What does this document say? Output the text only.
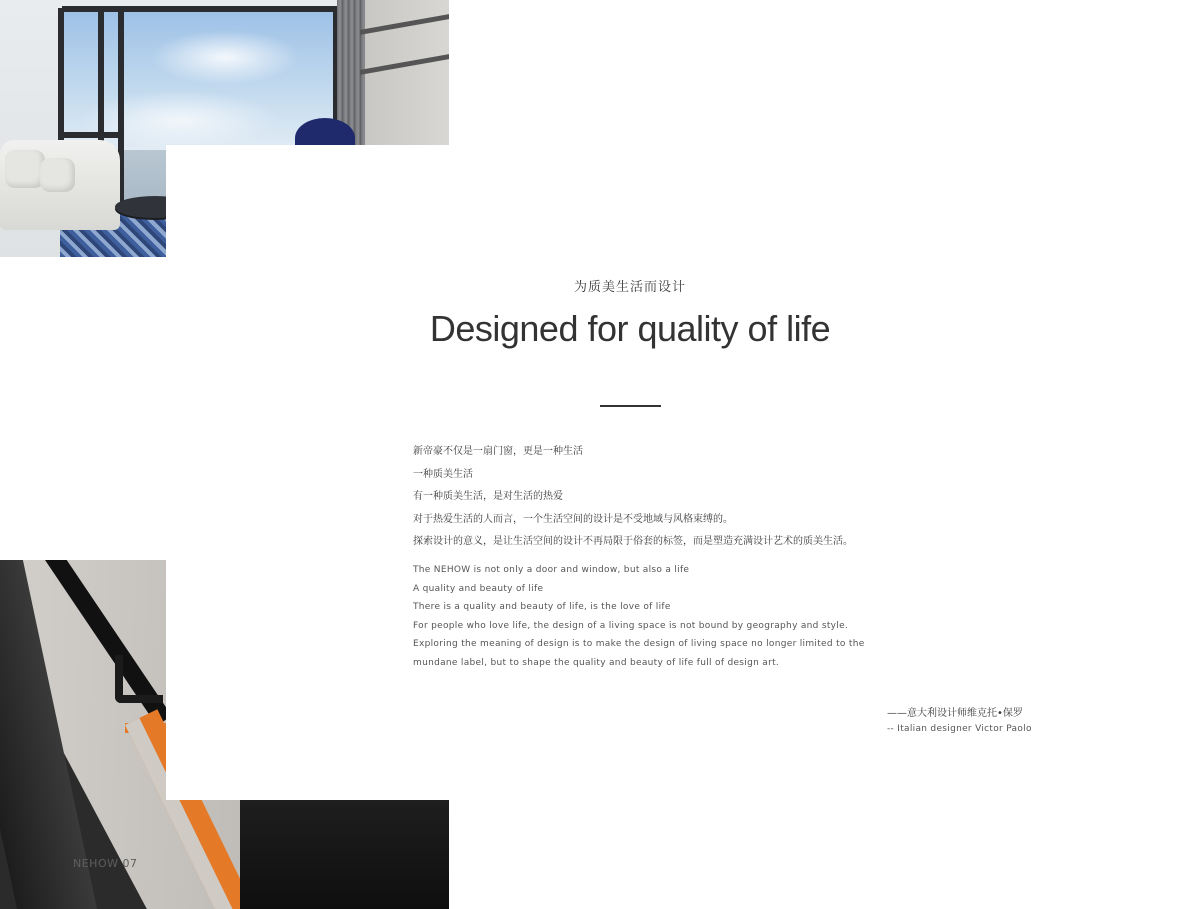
NEHOW 07
为质美生活而设计
Designed for quality of life
新帝豪不仅是一扇门窗，更是一种生活
一种质美生活
有一种质美生活，是对生活的热爱
对于热爱生活的人而言，一个生活空间的设计是不受地域与风格束缚的。
探索设计的意义，是让生活空间的设计不再局限于俗套的标签，而是塑造充满设计艺术的质美生活。
The NEHOW is not only a door and window, but also a life
A quality and beauty of life
There is a quality and beauty of life, is the love of life
For people who love life, the design of a living space is not bound by geography and style.
Exploring the meaning of design is to make the design of living space no longer limited to the
mundane label, but to shape the quality and beauty of life full of design art.
——意大利设计师维克托•保罗
-- Italian designer Victor Paolo
